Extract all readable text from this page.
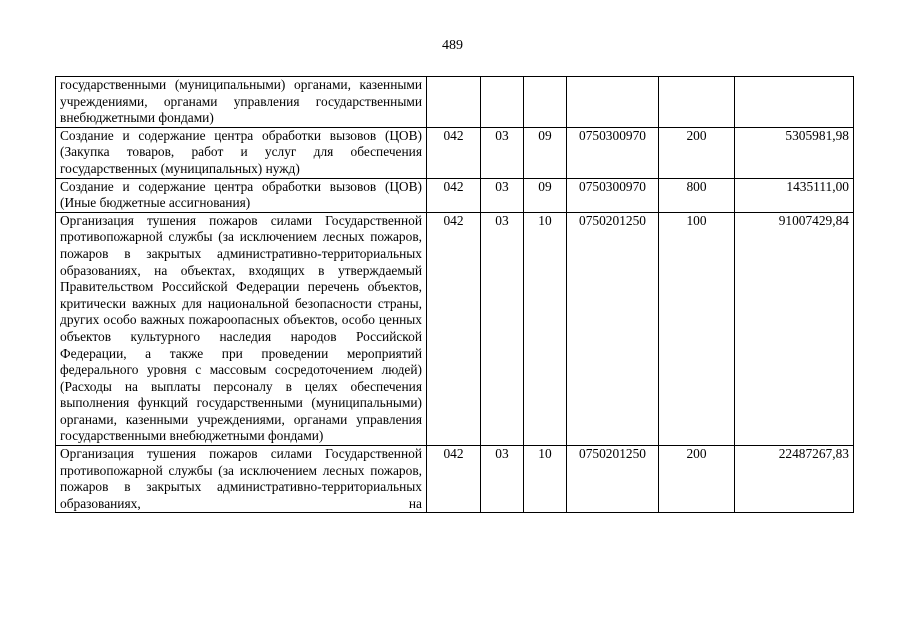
489
государственными (муниципальными) органами, казенными учреждениями, органами управления государственными внебюджетными фондами)						
Создание и содержание центра обработки вызовов (ЦОВ) (Закупка товаров, работ и услуг для обеспечения государственных (муниципальных) нужд)	042	03	09	0750300970	200	5305981,98
Создание и содержание центра обработки вызовов (ЦОВ) (Иные бюджетные ассигнования)	042	03	09	0750300970	800	1435111,00
Организация тушения пожаров силами Государственной противопожарной службы (за исключением лесных пожаров, пожаров в закрытых административно-территориальных образованиях, на объектах, входящих в утверждаемый Правительством Российской Федерации перечень объектов, критически важных для национальной безопасности страны, других особо важных пожароопасных объектов, особо ценных объектов культурного наследия народов Российской Федерации, а также при проведении мероприятий федерального уровня с массовым сосредоточением людей) (Расходы на выплаты персоналу в целях обеспечения выполнения функций государственными (муниципальными) органами, казенными учреждениями, органами управления государственными внебюджетными фондами)	042	03	10	0750201250	100	91007429,84
Организация тушения пожаров силами Государственной противопожарной службы (за исключением лесных пожаров, пожаров в закрытых административно-территориальных образованиях, на	042	03	10	0750201250	200	22487267,83
